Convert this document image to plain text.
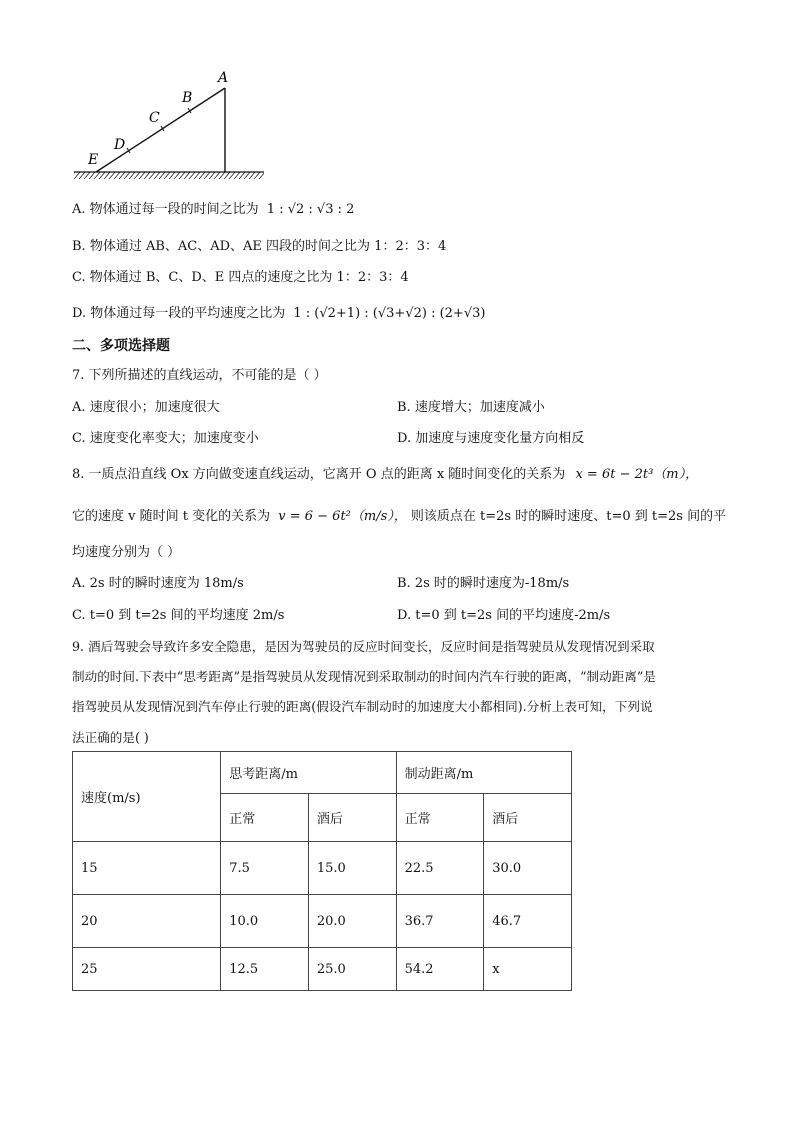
A
B
C
D
E
A. 物体通过每一段的时间之比为 1 : √2 : √3 : 2
B. 物体通过 AB、AC、AD、AE 四段的时间之比为 1：2：3：4
C. 物体通过 B、C、D、E 四点的速度之比为 1：2：3：4
D. 物体通过每一段的平均速度之比为 1 : (√2+1) : (√3+√2) : (2+√3)
二、多项选择题
7. 下列所描述的直线运动，不可能的是（ ）
A. 速度很小；加速度很大	B. 速度增大；加速度减小
C. 速度变化率变大；加速度变小	D. 加速度与速度变化量方向相反
8. 一质点沿直线 Ox 方向做变速直线运动，它离开 O 点的距离 x 随时间变化的关系为 x = 6t − 2t³（m），
它的速度 v 随时间 t 变化的关系为 v = 6 − 6t²（m/s）， 则该质点在 t=2s 时的瞬时速度、t=0 到 t=2s 间的平
均速度分别为（ ）
A. 2s 时的瞬时速度为 18m/s	B. 2s 时的瞬时速度为-18m/s
C. t=0 到 t=2s 间的平均速度 2m/s	D. t=0 到 t=2s 间的平均速度-2m/s
9. 酒后驾驶会导致许多安全隐患，是因为驾驶员的反应时间变长，反应时间是指驾驶员从发现情况到采取
制动的时间.下表中“思考距离”是指驾驶员从发现情况到采取制动的时间内汽车行驶的距离，“制动距离”是
指驾驶员从发现情况到汽车停止行驶的距离(假设汽车制动时的加速度大小都相同).分析上表可知，下列说
法正确的是( )
速度(m/s)	思考距离/m		制动距离/m	
	正常	酒后	正常	酒后
15	7.5	15.0	22.5	30.0
20	10.0	20.0	36.7	46.7
25	12.5	25.0	54.2	x
